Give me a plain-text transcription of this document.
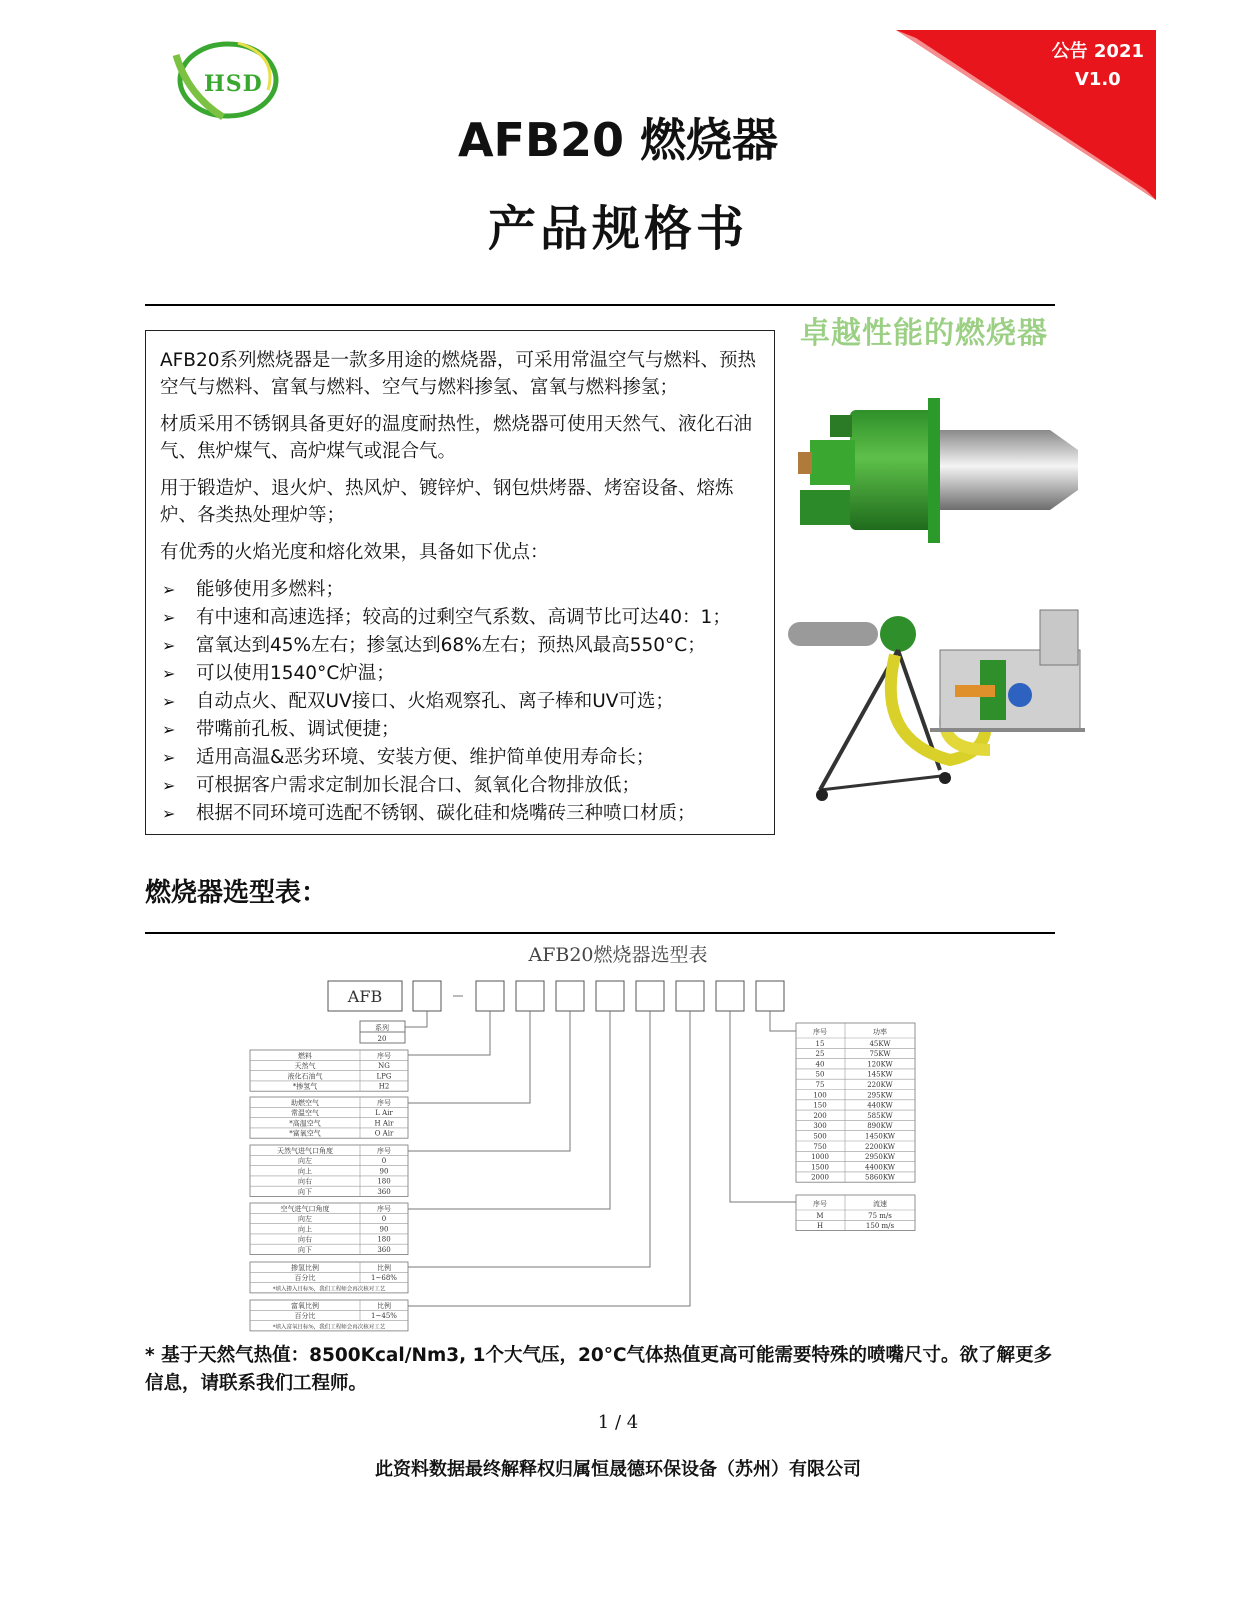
HSD
公告 2021
V1.0
AFB20 燃烧器
产品规格书
卓越性能的燃烧器

AFB20系列燃烧器是一款多用途的燃烧器，可采用常温空气与燃料、预热空气与燃料、富氧与燃料、空气与燃料掺氢、富氧与燃料掺氢；

材质采用不锈钢具备更好的温度耐热性，燃烧器可使用天然气、液化石油气、焦炉煤气、高炉煤气或混合气。

用于锻造炉、退火炉、热风炉、镀锌炉、钢包烘烤器、烤窑设备、熔炼炉、各类热处理炉等；

有优秀的火焰光度和熔化效果，具备如下优点：

➢ 能够使用多燃料；
➢ 有中速和高速选择；较高的过剩空气系数、高调节比可达40：1；
➢ 富氧达到45%左右；掺氢达到68%左右；预热风最高550°C；
➢ 可以使用1540°C炉温；
➢ 自动点火、配双UV接口、火焰观察孔、离子棒和UV可选；
➢ 带嘴前孔板、调试便捷；
➢ 适用高温&恶劣环境、安装方便、维护简单使用寿命长；
➢ 可根据客户需求定制加长混合口、氮氧化合物排放低；
➢ 根据不同环境可选配不锈钢、碳化硅和烧嘴砖三种喷口材质；
燃烧器选型表：
AFB20燃烧器选型表
AFB
系列
20
燃料	序号
天然气	NG
液化石油气	LPG
*掺氢气	H2
助燃空气	序号
常温空气	L Air
*高温空气	H Air
*富氧空气	O Air
天然气进气口角度	序号
向左	0
向上	90
向右	180
向下	360
空气进气口角度	序号
向左	0
向上	90
向右	180
向下	360
掺氢比例	比例
百分比	1~68%
*填入掺入目标%，我们工程师会再次核对工艺
富氧比例	比例
百分比	1~45%
*填入富氧目标%，我们工程师会再次核对工艺
序号	功率
15	45KW
25	75KW
40	120KW
50	145KW
75	220KW
100	295KW
150	440KW
200	585KW
300	890KW
500	1450KW
750	2200KW
1000	2950KW
1500	4400KW
2000	5860KW
序号	流速
M	75 m/s
H	150 m/s
* 基于天然气热值：8500Kcal/Nm3, 1个大气压，20°C气体热值更高可能需要特殊的喷嘴尺寸。欲了解更多信息，请联系我们工程师。
1 / 4
此资料数据最终解释权归属恒晟德环保设备（苏州）有限公司
